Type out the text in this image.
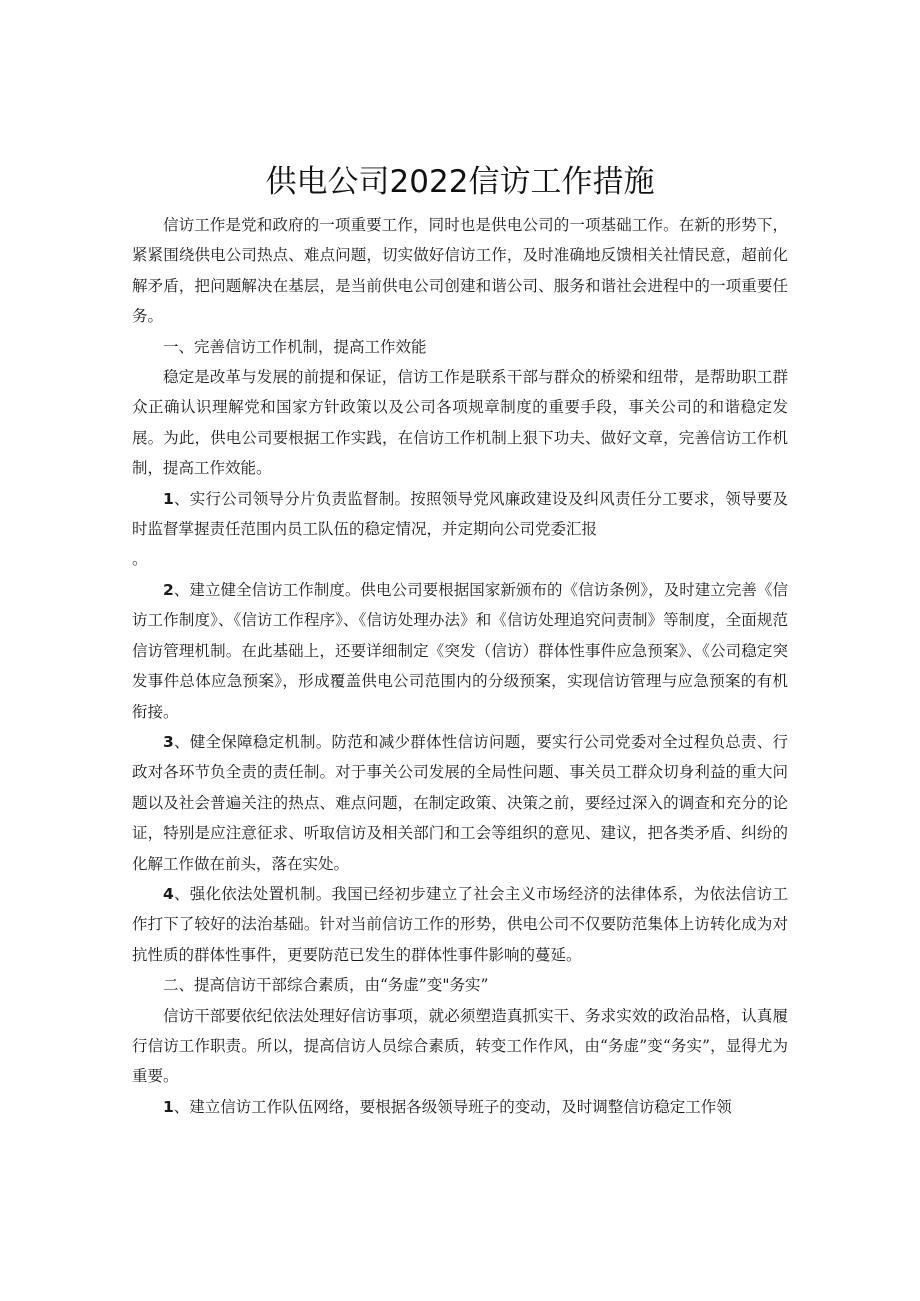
供电公司2022信访工作措施

信访工作是党和政府的一项重要工作，同时也是供电公司的一项基础工作。在新的形势下，紧紧围绕供电公司热点、难点问题，切实做好信访工作，及时准确地反馈相关社情民意，超前化解矛盾，把问题解决在基层，是当前供电公司创建和谐公司、服务和谐社会进程中的一项重要任务。

一、完善信访工作机制，提高工作效能

稳定是改革与发展的前提和保证，信访工作是联系干部与群众的桥梁和纽带，是帮助职工群众正确认识理解党和国家方针政策以及公司各项规章制度的重要手段，事关公司的和谐稳定发展。为此，供电公司要根据工作实践，在信访工作机制上狠下功夫、做好文章，完善信访工作机制，提高工作效能。

1、实行公司领导分片负责监督制。按照领导党风廉政建设及纠风责任分工要求，领导要及时监督掌握责任范围内员工队伍的稳定情况，并定期向公司党委汇报

。

2、建立健全信访工作制度。供电公司要根据国家新颁布的《信访条例》，及时建立完善《信访工作制度》、《信访工作程序》、《信访处理办法》和《信访处理追究问责制》等制度，全面规范信访管理机制。在此基础上，还要详细制定《突发（信访）群体性事件应急预案》、《公司稳定突发事件总体应急预案》，形成覆盖供电公司范围内的分级预案，实现信访管理与应急预案的有机衔接。

3、健全保障稳定机制。防范和减少群体性信访问题，要实行公司党委对全过程负总责、行政对各环节负全责的责任制。对于事关公司发展的全局性问题、事关员工群众切身利益的重大问题以及社会普遍关注的热点、难点问题，在制定政策、决策之前，要经过深入的调查和充分的论证，特别是应注意征求、听取信访及相关部门和工会等组织的意见、建议，把各类矛盾、纠纷的化解工作做在前头，落在实处。

4、强化依法处置机制。我国已经初步建立了社会主义市场经济的法律体系，为依法信访工作打下了较好的法治基础。针对当前信访工作的形势，供电公司不仅要防范集体上访转化成为对抗性质的群体性事件，更要防范已发生的群体性事件影响的蔓延。

二、提高信访干部综合素质，由“务虚”变"务实”

信访干部要依纪依法处理好信访事项，就必须塑造真抓实干、务求实效的政治品格，认真履行信访工作职责。所以，提高信访人员综合素质，转变工作作风，由“务虚”变“务实”，显得尤为重要。

1、建立信访工作队伍网络，要根据各级领导班子的变动，及时调整信访稳定工作领
